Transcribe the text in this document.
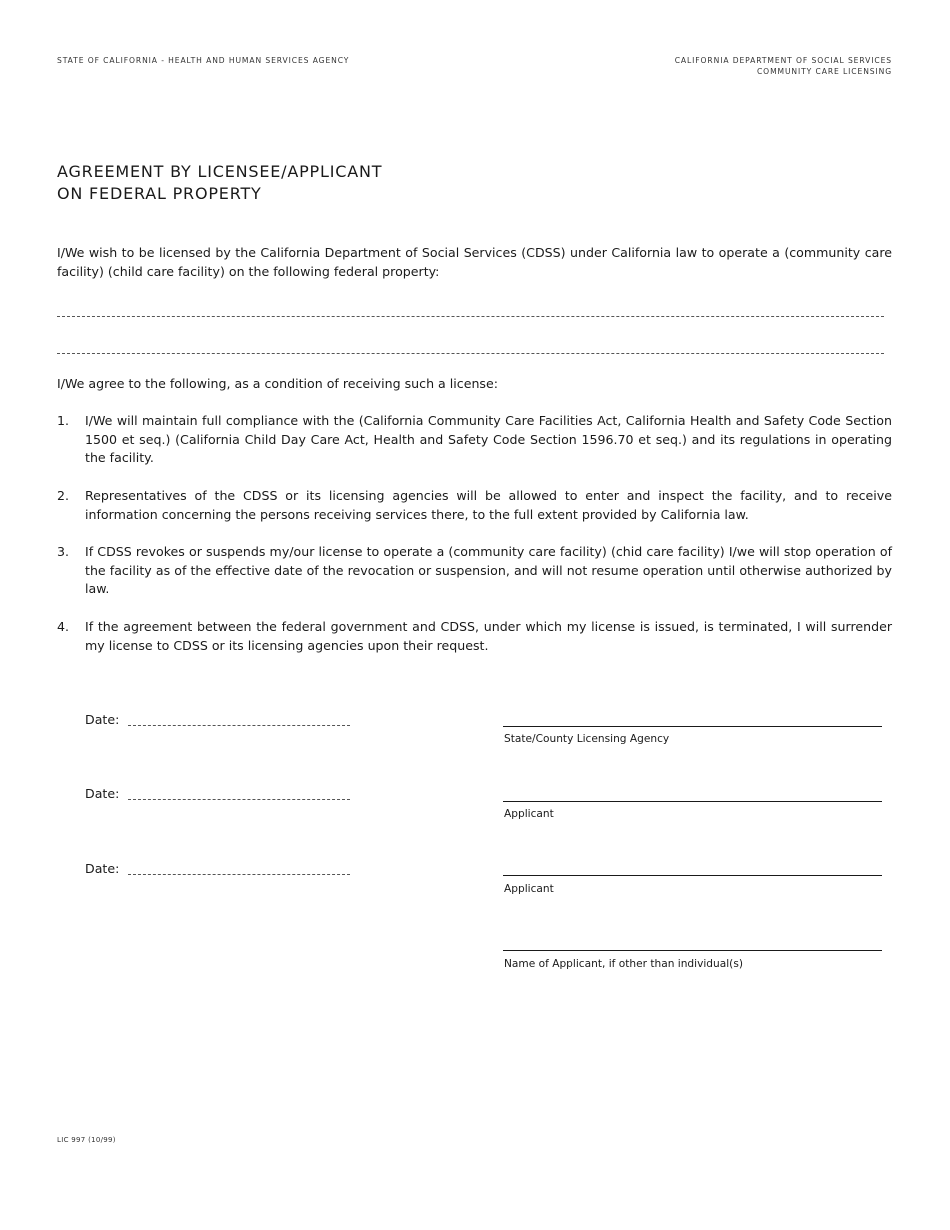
STATE OF CALIFORNIA - HEALTH AND HUMAN SERVICES AGENCY	CALIFORNIA DEPARTMENT OF SOCIAL SERVICES
COMMUNITY CARE LICENSING
AGREEMENT BY LICENSEE/APPLICANT
ON FEDERAL PROPERTY
I/We wish to be licensed by the California Department of Social Services (CDSS) under California law to operate a (community care facility) (child care facility) on the following federal property:
I/We agree to the following, as a condition of receiving such a license:
1.	I/We will maintain full compliance with the (California Community Care Facilities Act, California Health and Safety Code Section 1500 et seq.) (California Child Day Care Act, Health and Safety Code Section 1596.70 et seq.) and its regulations in operating the facility.
2.	Representatives of the CDSS or its licensing agencies will be allowed to enter and inspect the facility, and to receive information concerning the persons receiving services there, to the full extent provided by California law.
3.	If CDSS revokes or suspends my/our license to operate a (community care facility) (chid care facility) I/we will stop operation of the facility as of the effective date of the revocation or suspension, and will not resume operation until otherwise authorized by law.
4.	If the agreement between the federal government and CDSS, under which my license is issued, is terminated, I will surrender my license to CDSS or its licensing agencies upon their request.
Date:
Date:
Date:
State/County Licensing Agency
Applicant
Applicant
Name of Applicant, if other than individual(s)
LIC 997 (10/99)
